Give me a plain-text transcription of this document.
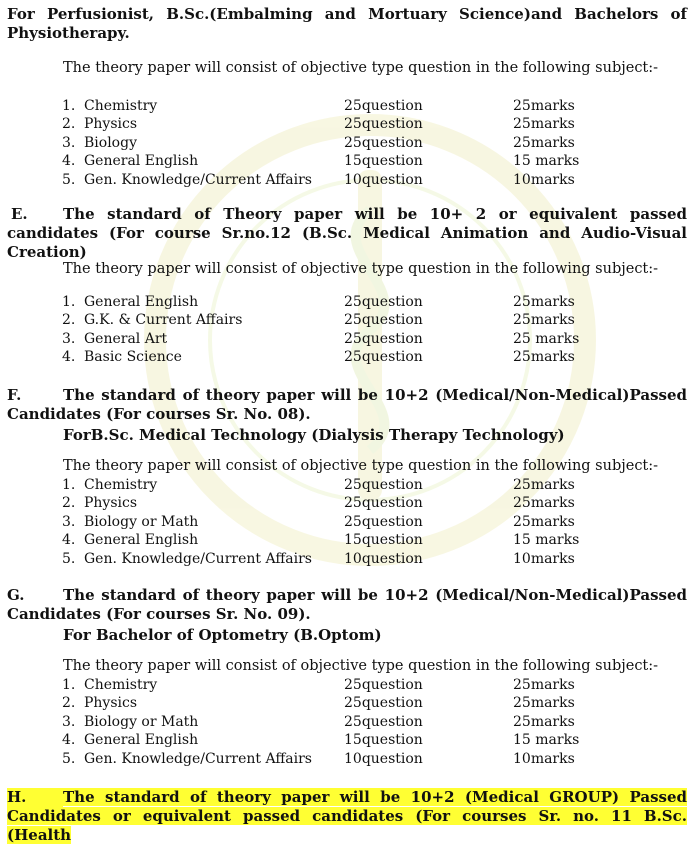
For Perfusionist, B.Sc.(Embalming and Mortuary Science)and Bachelors of Physiotherapy.
The theory paper will consist of objective type question in the following subject:-
1. Chemistry	25question	25marks
2. Physics	25question	25marks
3. Biology	25question	25marks
4. General English	15question	15 marks
5. Gen. Knowledge/Current Affairs 10question	10marks
E. The standard of Theory paper will be 10+ 2 or equivalent passed candidates (For course Sr.no.12 (B.Sc. Medical Animation and Audio-Visual Creation)
The theory paper will consist of objective type question in the following subject:-
1. General English	25question	25marks
2. G.K. & Current Affairs	25question	25marks
3. General Art	25question	25 marks
4. Basic Science	25question	25marks
F.	The standard of theory paper will be 10+2 (Medical/Non-Medical)Passed Candidates (For courses Sr. No. 08).
ForB.Sc. Medical Technology (Dialysis Therapy Technology)
The theory paper will consist of objective type question in the following subject:-
1. Chemistry	25question	25marks
2. Physics	25question	25marks
3. Biology or Math	25question	25marks
4. General English	15question	15 marks
5. Gen. Knowledge/Current Affairs 10question	10marks
G.	The standard of theory paper will be 10+2 (Medical/Non-Medical)Passed Candidates (For courses Sr. No. 09).
For Bachelor of Optometry (B.Optom)
The theory paper will consist of objective type question in the following subject:-
1. Chemistry	25question	25marks
2. Physics	25question	25marks
3. Biology or Math	25question	25marks
4. General English	15question	15 marks
5. Gen. Knowledge/Current Affairs 10question	10marks
H. The standard of theory paper will be 10+2 (Medical GROUP) Passed Candidates or equivalent passed candidates (For courses Sr. no. 11 B.Sc. (Health
